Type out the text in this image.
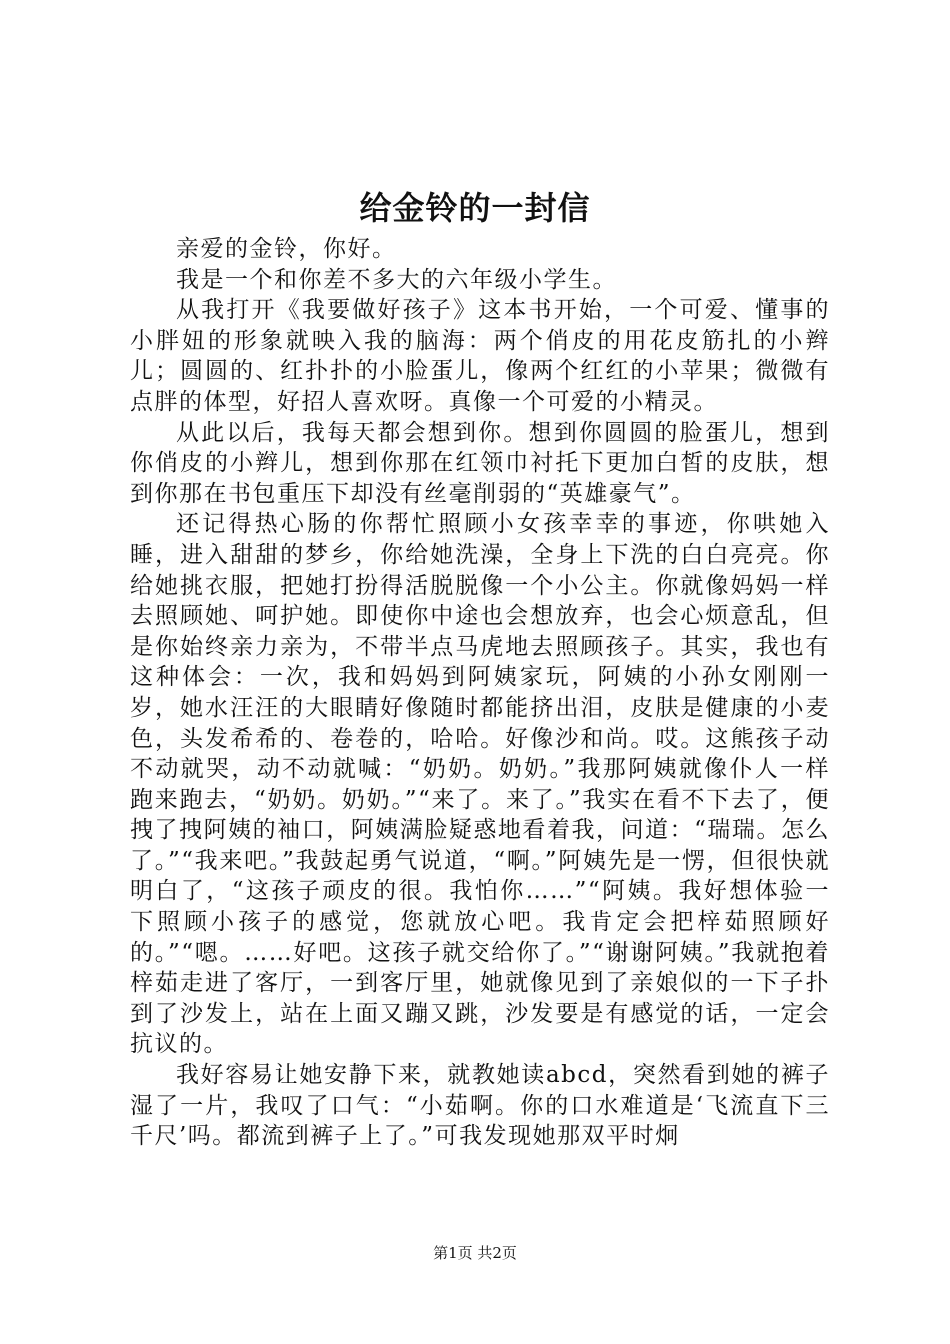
给金铃的一封信

亲爱的金铃，你好。

我是一个和你差不多大的六年级小学生。

从我打开《我要做好孩子》这本书开始，一个可爱、懂事的小胖妞的形象就映入我的脑海：两个俏皮的用花皮筋扎的小辫儿；圆圆的、红扑扑的小脸蛋儿，像两个红红的小苹果；微微有点胖的体型，好招人喜欢呀。真像一个可爱的小精灵。

从此以后，我每天都会想到你。想到你圆圆的脸蛋儿，想到你俏皮的小辫儿，想到你那在红领巾衬托下更加白皙的皮肤，想到你那在书包重压下却没有丝毫削弱的“英雄豪气”。

还记得热心肠的你帮忙照顾小女孩幸幸的事迹，你哄她入睡，进入甜甜的梦乡，你给她洗澡，全身上下洗的白白亮亮。你给她挑衣服，把她打扮得活脱脱像一个小公主。你就像妈妈一样去照顾她、呵护她。即使你中途也会想放弃，也会心烦意乱，但是你始终亲力亲为，不带半点马虎地去照顾孩子。其实，我也有这种体会：一次，我和妈妈到阿姨家玩，阿姨的小孙女刚刚一岁，她水汪汪的大眼睛好像随时都能挤出泪，皮肤是健康的小麦色，头发希希的、卷卷的，哈哈。好像沙和尚。哎。这熊孩子动不动就哭，动不动就喊：“奶奶。奶奶。”我那阿姨就像仆人一样跑来跑去，“奶奶。奶奶。”“来了。来了。”我实在看不下去了，便拽了拽阿姨的袖口，阿姨满脸疑惑地看着我，问道：“瑞瑞。怎么了。”“我来吧。”我鼓起勇气说道，“啊。”阿姨先是一愣，但很快就明白了，“这孩子顽皮的很。我怕你……”“阿姨。我好想体验一下照顾小孩子的感觉，您就放心吧。我肯定会把梓茹照顾好的。”“嗯。……好吧。这孩子就交给你了。”“谢谢阿姨。”我就抱着梓茹走进了客厅，一到客厅里，她就像见到了亲娘似的一下子扑到了沙发上，站在上面又蹦又跳，沙发要是有感觉的话，一定会抗议的。

我好容易让她安静下来，就教她读abcd，突然看到她的裤子湿了一片，我叹了口气：“小茹啊。你的口水难道是‘飞流直下三千尺’吗。都流到裤子上了。”可我发现她那双平时炯

第1页 共2页
